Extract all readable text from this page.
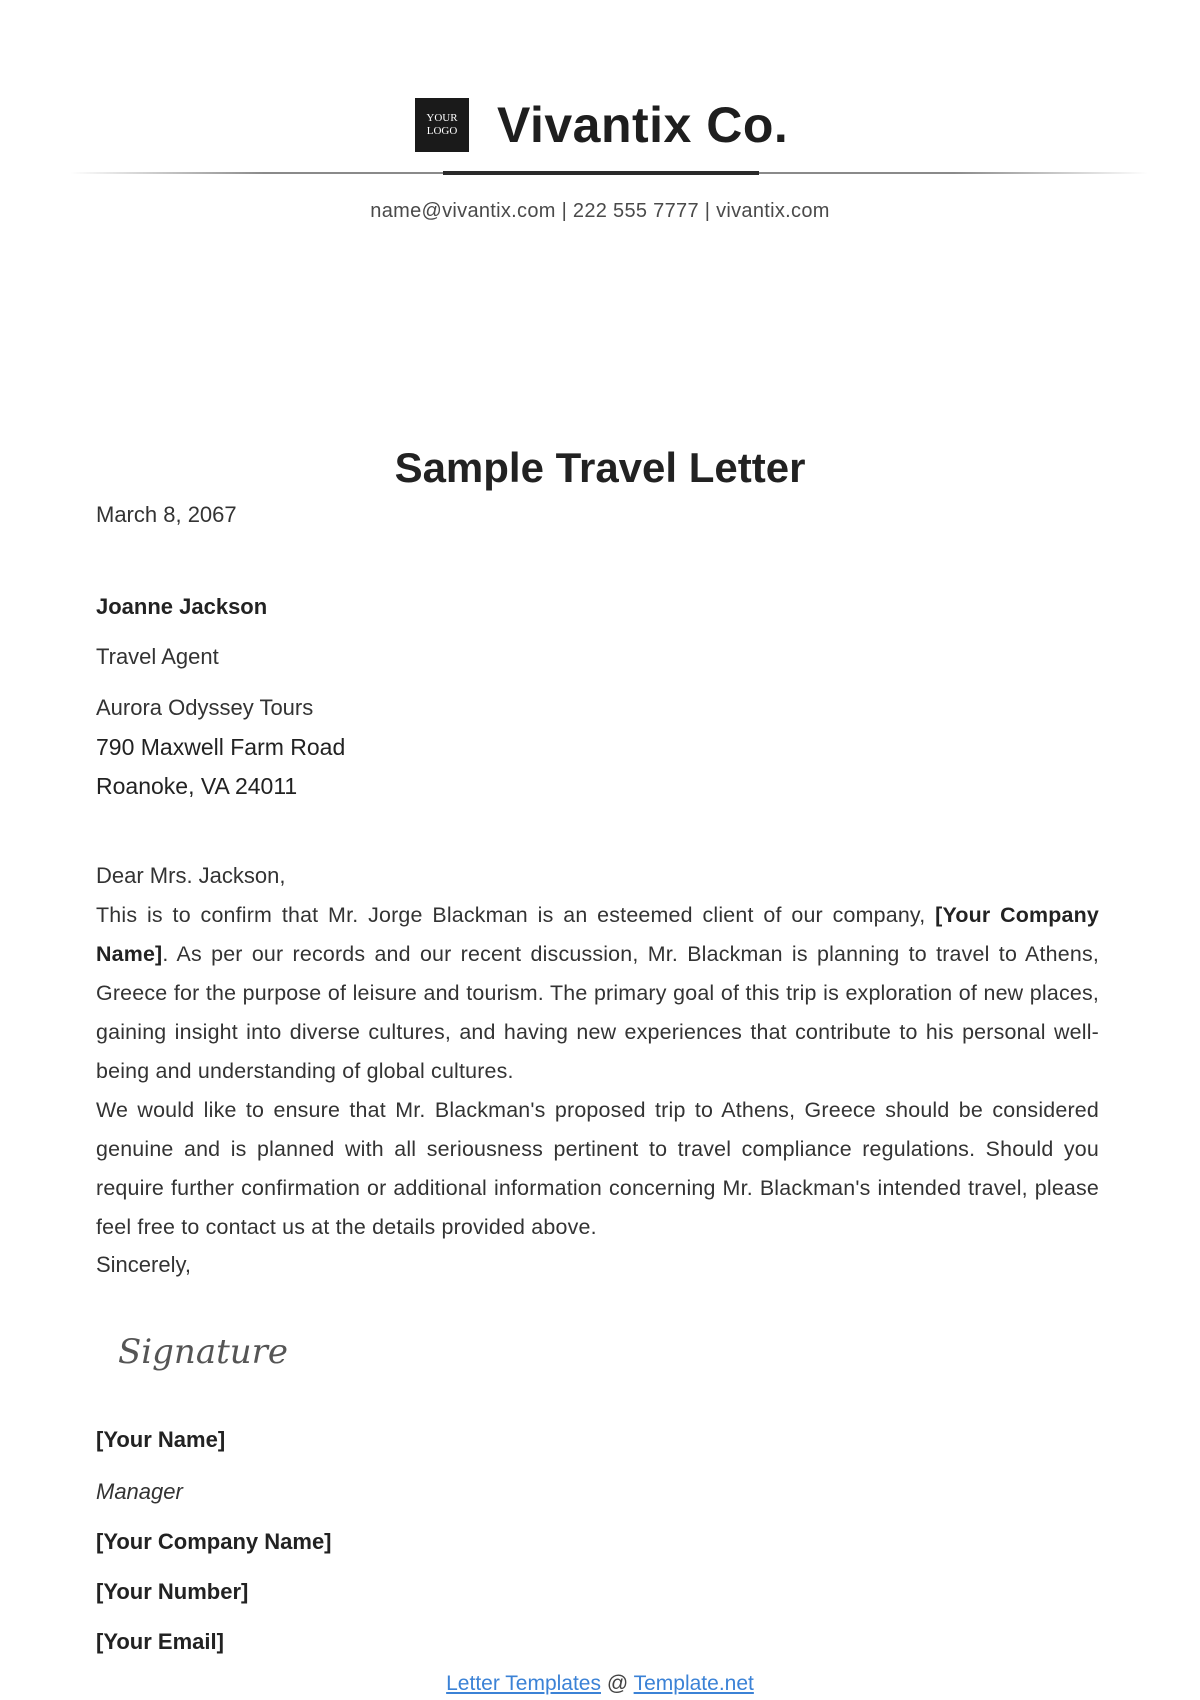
YOUR
LOGO Vivantix Co.
name@vivantix.com | 222 555 7777 | vivantix.com
Sample Travel Letter
March 8, 2067
Joanne Jackson
Travel Agent
Aurora Odyssey Tours
790 Maxwell Farm Road
Roanoke, VA 24011
Dear Mrs. Jackson,
This is to confirm that Mr. Jorge Blackman is an esteemed client of our company, [Your Company Name]. As per our records and our recent discussion, Mr. Blackman is planning to travel to Athens, Greece for the purpose of leisure and tourism. The primary goal of this trip is exploration of new places, gaining insight into diverse cultures, and having new experiences that contribute to his personal well-being and understanding of global cultures.
We would like to ensure that Mr. Blackman's proposed trip to Athens, Greece should be considered genuine and is planned with all seriousness pertinent to travel compliance regulations. Should you require further confirmation or additional information concerning Mr. Blackman's intended travel, please feel free to contact us at the details provided above.
Sincerely,
Signature
[Your Name]
Manager
[Your Company Name]
[Your Number]
[Your Email]
Letter Templates @ Template.net
